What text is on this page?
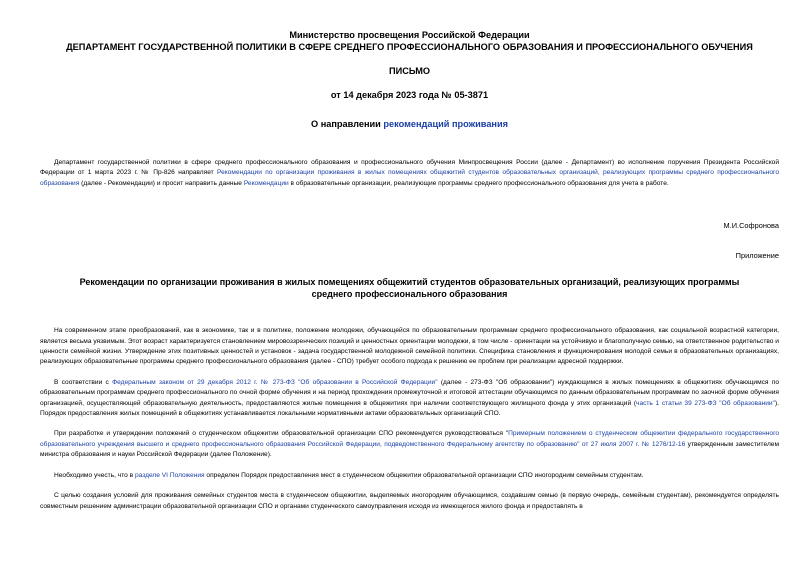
Министерство просвещения Российской Федерации
ДЕПАРТАМЕНТ ГОСУДАРСТВЕННОЙ ПОЛИТИКИ В СФЕРЕ СРЕДНЕГО ПРОФЕССИОНАЛЬНОГО ОБРАЗОВАНИЯ И ПРОФЕССИОНАЛЬНОГО ОБУЧЕНИЯ
ПИСЬМО
от 14 декабря 2023 года № 05-3871
О направлении рекомендаций проживания

Департамент государственной политики в сфере среднего профессионального образования и профессионального обучения Минпросвещения России (далее - Департамент) во исполнение поручения Президента Российской Федерации от 1 марта 2023 г. № Пр-826 направляет Рекомендации по организации проживания в жилых помещениях общежитий студентов образовательных организаций, реализующих программы среднего профессионального образования (далее - Рекомендации) и просит направить данные Рекомендации в образовательные организации, реализующие программы среднего профессионального образования для учета в работе.

М.И.Софронова
Приложение
Рекомендации по организации проживания в жилых помещениях общежитий студентов образовательных организаций, реализующих программы среднего профессионального образования

На современном этапе преобразований, как в экономике, так и в политике, положение молодежи, обучающейся по образовательным программам среднего профессионального образования, как социальной возрастной категории, является весьма уязвимым. Этот возраст характеризуется становлением мировоззренческих позиций и ценностных ориентации молодежи, в том числе - ориентации на устойчивую и благополучную семью, на ответственное родительство и ценности семейной жизни. Утверждение этих позитивных ценностей и установок - задача государственной молодежной семейной политики. Специфика становления и функционирования молодой семьи в образовательных организациях, реализующих образовательные программы среднего профессионального образования (далее - СПО) требует особого подхода к решению ее проблем при реализации адресной поддержки.

В соответствии с Федеральным законом от 29 декабря 2012 г. № 273-ФЗ "Об образовании в Российской Федерации" (далее - 273-ФЗ "Об образовании") нуждающимся в жилых помещениях в общежитиях обучающимся по образовательным программам среднего профессионального по очной форме обучения и на период прохождения промежуточной и итоговой аттестации обучающимся по данным образовательным программам по заочной форме обучения организацией, осуществляющей образовательную деятельность, предоставляются жилые помещения в общежитиях при наличии соответствующего жилищного фонда у этих организаций (часть 1 статьи 39 273-ФЗ "Об образовании"). Порядок предоставления жилых помещений в общежитиях устанавливается локальными нормативными актами образовательных организаций СПО.

При разработке и утверждении положений о студенческом общежитии образовательной организации СПО рекомендуется руководствоваться "Примерным положением о студенческом общежитии федерального государственного образовательного учреждения высшего и среднего профессионального образования Российской Федерации, подведомственного Федеральному агентству по образованию" от 27 июля 2007 г. № 1276/12-16 утвержденным заместителем министра образования и науки Российской Федерации (далее Положение).

Необходимо учесть, что в разделе VI Положения определен Порядок предоставления мест в студенческом общежитии образовательной организации СПО иногородним семейным студентам.

С целью создания условий для проживания семейных студентов места в студенческом общежитии, выделяемых иногородним обучающимся, создавшим семью (в первую очередь, семейным студентам), рекомендуется определять совместным решением администрации образовательной организации СПО и органами студенческого самоуправления исходя из имеющегося жилого фонда и предоставлять в
